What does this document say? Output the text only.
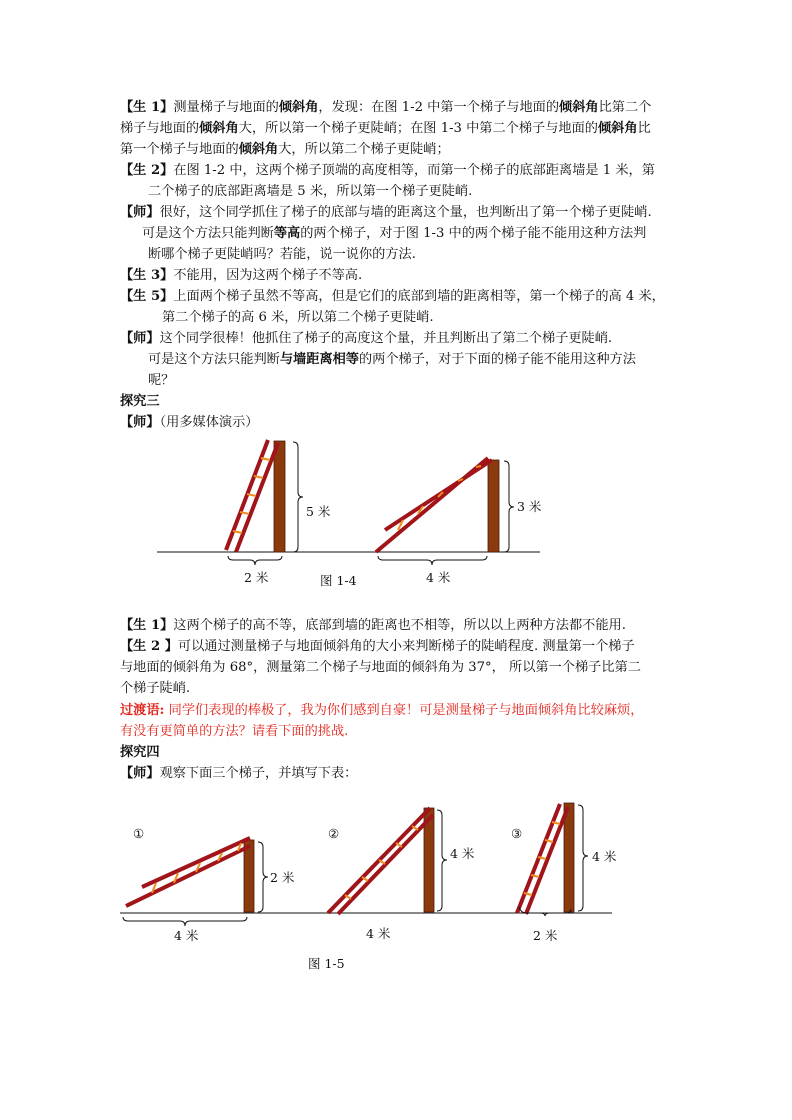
【生 1】测量梯子与地面的倾斜角，发现：在图 1-2 中第一个梯子与地面的倾斜角比第二个
梯子与地面的倾斜角大，所以第一个梯子更陡峭；在图 1-3 中第二个梯子与地面的倾斜角比
第一个梯子与地面的倾斜角大，所以第二个梯子更陡峭；
【生 2】在图 1-2 中，这两个梯子顶端的高度相等，而第一个梯子的底部距离墙是 1 米，第
二个梯子的底部距离墙是 5 米，所以第一个梯子更陡峭.
【师】很好，这个同学抓住了梯子的底部与墙的距离这个量，也判断出了第一个梯子更陡峭.
可是这个方法只能判断等高的两个梯子，对于图 1-3 中的两个梯子能不能用这种方法判
断哪个梯子更陡峭吗？若能，说一说你的方法.
【生 3】不能用，因为这两个梯子不等高.
【生 5】上面两个梯子虽然不等高，但是它们的底部到墙的距离相等，第一个梯子的高 4 米，
第二个梯子的高 6 米，所以第二个梯子更陡峭.
【师】这个同学很棒！他抓住了梯子的高度这个量，并且判断出了第二个梯子更陡峭.
可是这个方法只能判断与墙距离相等的两个梯子，对于下面的梯子能不能用这种方法
呢？
探究三
【师】（用多媒体演示）
【生 1】这两个梯子的高不等，底部到墙的距离也不相等，所以以上两种方法都不能用.
【生 2 】可以通过测量梯子与地面倾斜角的大小来判断梯子的陡峭程度. 测量第一个梯子
与地面的倾斜角为 68°，测量第二个梯子与地面的倾斜角为 37°， 所以第一个梯子比第二
个梯子陡峭.
过渡语: 同学们表现的棒极了，我为你们感到自豪！可是测量梯子与地面倾斜角比较麻烦，
有没有更简单的方法？请看下面的挑战.
探究四
【师】观察下面三个梯子，并填写下表：
5 米
2 米
3 米
4 米
图 1-4
①	②	③
2 米
4 米
4 米
4 米
4 米
2 米
图 1-5
